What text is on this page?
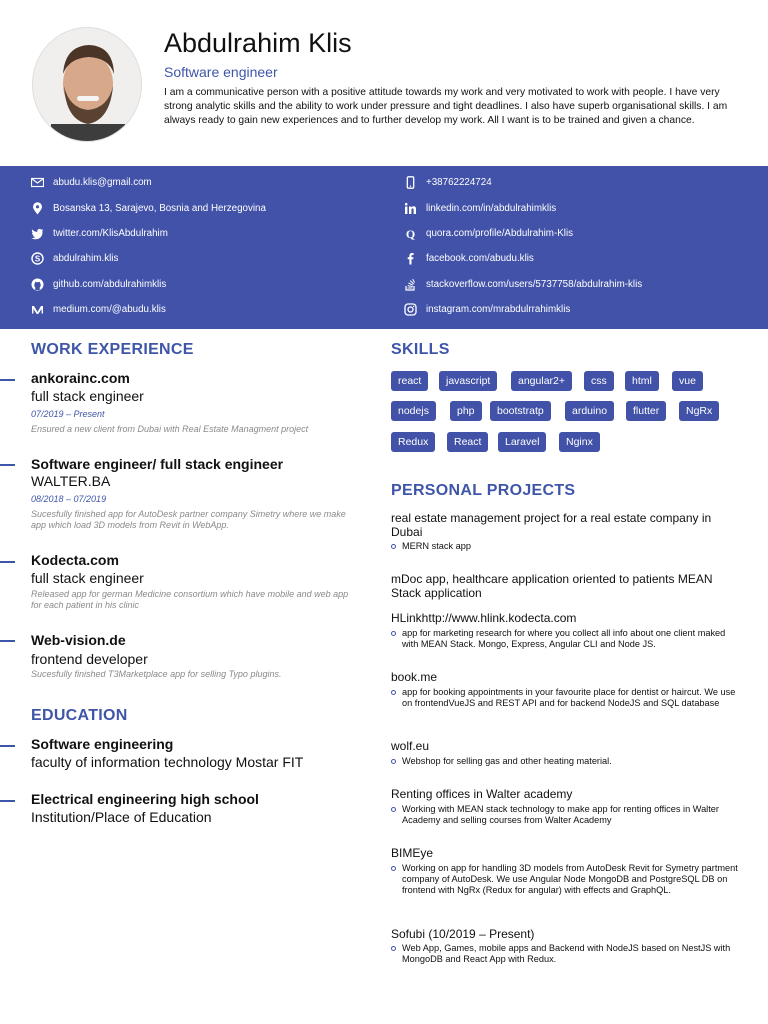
Abdulrahim Klis
Software engineer
I am a communicative person with a positive attitude towards my work and very motivated to work with people. I have very strong analytic skills and the ability to work under pressure and tight deadlines. I also have superb organisational skills. I am always ready to gain new experiences and to further develop my work. All I want is to be trained and given a chance.
abudu.klis@gmail.com
Bosanska 13, Sarajevo, Bosnia and Herzegovina
twitter.com/KlisAbdulrahim
S abdulrahim.klis
github.com/abdulrahimklis
medium.com/@abudu.klis
+38762224724
linkedin.com/in/abdulrahimklis
Q quora.com/profile/Abdulrahim-Klis
facebook.com/abudu.klis
stackoverflow.com/users/5737758/abdulrahim-klis
instagram.com/mrabdulrrahimklis
WORK EXPERIENCE
ankorainc.com
full stack engineer
07/2019 – Present
Ensured a new client from Dubai with Real Estate Managment project
Software engineer/ full stack engineer
WALTER.BA
08/2018 – 07/2019
Sucesfully finished app for AutoDesk partner company Simetry where we make app which load 3D models from Revit in WebApp.
Kodecta.com
full stack engineer
Released app for german Medicine consortium which have mobile and web app for each patient in his clinic
Web-vision.de
frontend developer
Sucesfully finished T3Marketplace app for selling Typo plugins.
EDUCATION
Software engineering
faculty of information technology Mostar FIT
Electrical engineering high school
Institution/Place of Education
SKILLS
react	javascript	angular2+	css	html	vue
nodejs	php	bootstratp	arduino	flutter	NgRx
Redux	React	Laravel	Nginx
PERSONAL PROJECTS
real estate management project for a real estate company in Dubai
MERN stack app
mDoc app, healthcare application oriented to patients MEAN Stack application
HLinkhttp://www.hlink.kodecta.com
app for marketing research for where you collect all info about one client maked with MEAN Stack. Mongo, Express, Angular CLI and Node JS.
book.me
app for booking appointments in your favourite place for dentist or haircut. We use on frontendVueJS and REST API and for backend NodeJS and SQL database
wolf.eu
Webshop for selling gas and other heating material.
Renting offices in Walter academy
Working with MEAN stack technology to make app for renting offices in Walter Academy and selling courses from Walter Academy
BIMEye
Working on app for handling 3D models from AutoDesk Revit for Symetry partment company of AutoDesk. We use Angular Node MongoDB and PostgreSQL DB on frontend with NgRx (Redux for angular) with effects and GraphQL.
Sofubi (10/2019 – Present)
Web App, Games, mobile apps and Backend with NodeJS based on NestJS with MongoDB and React App with Redux.
